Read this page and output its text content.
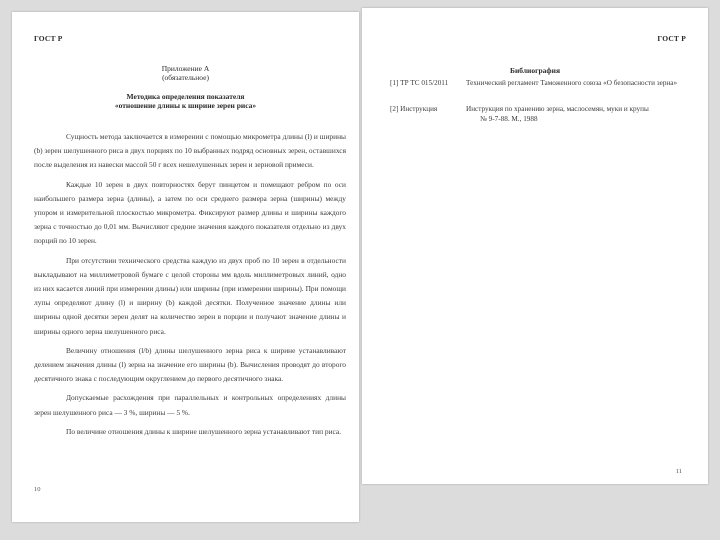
ГОСТ Р
Приложение А
(обязательное)
Методика определения показателя
«отношение длины к ширине зерен риса»

Сущность метода заключается в измерении с помощью микрометра длины (l) и ширины (b) зерен шелушенного риса в двух порциях по 10 выбранных подряд основных зерен, оставшихся после выделения из навески массой 50 г всех нешелушенных зерен и зерновой примеси.

Каждые 10 зерен в двух повторностях берут пинцетом и помещают ребром по оси наибольшего размера зерна (длины), а затем по оси среднего размера зерна (ширины) между упором и измерительной плоскостью микрометра. Фиксируют размер длины и ширины каждого зерна с точностью до 0,01 мм. Вычисляют средние значения каждого показателя отдельно из двух порций по 10 зерен.

При отсутствии технического средства каждую из двух проб по 10 зерен в отдельности выкладывают на миллиметровой бумаге с целой стороны мм вдоль миллиметровых линий, одно из них касается линий при измерении длины) или ширины (при измерении ширины). При помощи лупы определяют длину (l) и ширину (b) каждой десятки. Полученное значение длины или ширины одной десятки зерен делят на количество зерен в порции и получают значение длины и ширины одного зерна шелушенного риса.

Величину отношения (l/b) длины шелушенного зерна риса к ширине устанавливают делением значения длины (l) зерна на значение его ширины (b). Вычисления проводят до второго десятичного знака с последующим округлением до первого десятичного знака.

Допускаемые расхождения при параллельных и контрольных определениях длины зерен шелушенного риса — 3 %, ширины — 5 %.

По величине отношения длины к ширине шелушенного зерна устанавливают тип риса.

10
ГОСТ Р
Библиография
[1] ТР ТС 015/2011	Технический регламент Таможенного союза «О безопасности зерна»
[2] Инструкция	Инструкция по хранению зерна, маслосемян, муки и крупы
№ 9-7-88. М., 1988
11
